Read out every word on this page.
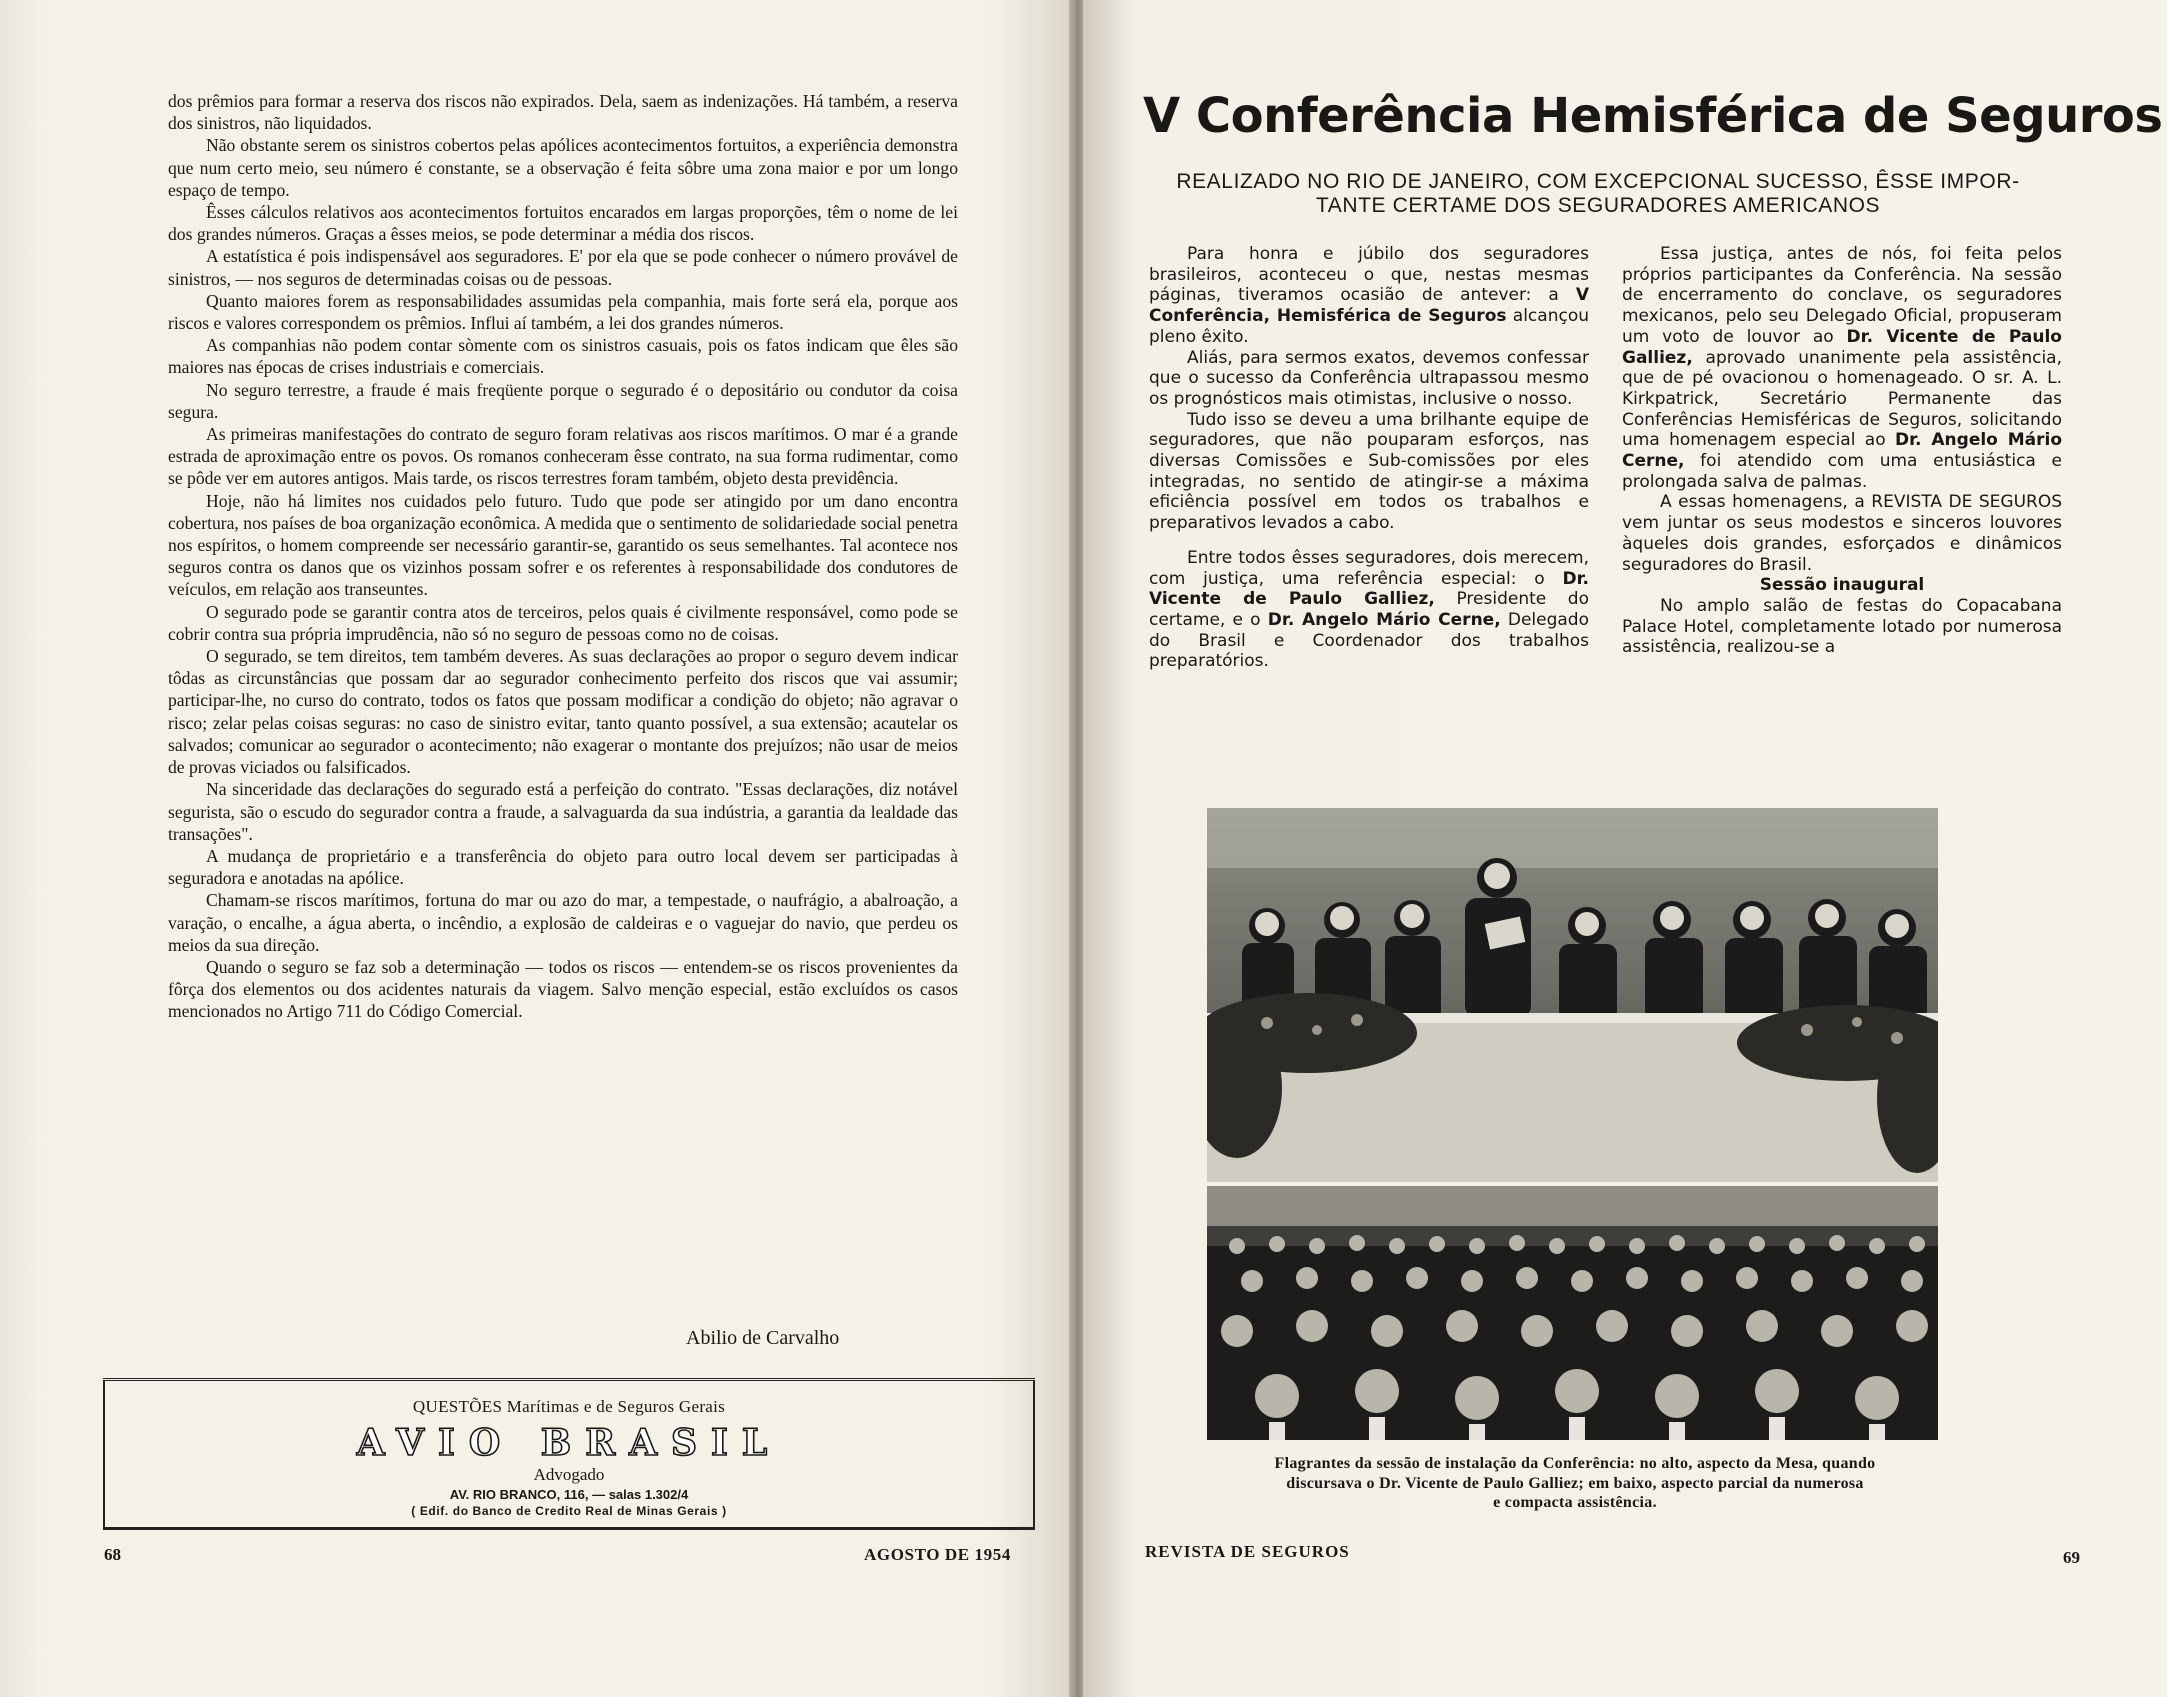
dos prêmios para formar a reserva dos riscos não expirados. Dela, saem as indenizações. Há também, a reserva dos sinistros, não liquidados.

Não obstante serem os sinistros cobertos pelas apólices acontecimentos fortuitos, a experiência demonstra que num certo meio, seu número é constante, se a observação é feita sôbre uma zona maior e por um longo espaço de tempo.

Êsses cálculos relativos aos acontecimentos fortuitos encarados em largas proporções, têm o nome de lei dos grandes números. Graças a êsses meios, se pode determinar a média dos riscos.

A estatística é pois indispensável aos seguradores. E' por ela que se pode conhecer o número provável de sinistros, — nos seguros de determinadas coisas ou de pessoas.

Quanto maiores forem as responsabilidades assumidas pela companhia, mais forte será ela, porque aos riscos e valores correspondem os prêmios. Influi aí também, a lei dos grandes números.

As companhias não podem contar sòmente com os sinistros casuais, pois os fatos indicam que êles são maiores nas épocas de crises industriais e comerciais.

No seguro terrestre, a fraude é mais freqüente porque o segurado é o depositário ou condutor da coisa segura.

As primeiras manifestações do contrato de seguro foram relativas aos riscos marítimos. O mar é a grande estrada de aproximação entre os povos. Os romanos conheceram êsse contrato, na sua forma rudimentar, como se pôde ver em autores antigos. Mais tarde, os riscos terrestres foram também, objeto desta previdência.

Hoje, não há limites nos cuidados pelo futuro. Tudo que pode ser atingido por um dano encontra cobertura, nos países de boa organização econômica. A medida que o sentimento de solidariedade social penetra nos espíritos, o homem compreende ser necessário garantir-se, garantido os seus semelhantes. Tal acontece nos seguros contra os danos que os vizinhos possam sofrer e os referentes à responsabilidade dos condutores de veículos, em relação aos transeuntes.

O segurado pode se garantir contra atos de terceiros, pelos quais é civilmente responsável, como pode se cobrir contra sua própria imprudência, não só no seguro de pessoas como no de coisas.

O segurado, se tem direitos, tem também deveres. As suas declarações ao propor o seguro devem indicar tôdas as circunstâncias que possam dar ao segurador conhecimento perfeito dos riscos que vai assumir; participar-lhe, no curso do contrato, todos os fatos que possam modificar a condição do objeto; não agravar o risco; zelar pelas coisas seguras: no caso de sinistro evitar, tanto quanto possível, a sua extensão; acautelar os salvados; comunicar ao segurador o acontecimento; não exagerar o montante dos prejuízos; não usar de meios de provas viciados ou falsificados.

Na sinceridade das declarações do segurado está a perfeição do contrato. "Essas declarações, diz notável seguristа, são o escudo do segurador contra a fraude, a salvaguarda da sua indústria, a garantia da lealdade das transações".

A mudança de proprietário e a transferência do objeto para outro local devem ser participadas à seguradora e anotadas na apólice.

Chamam-se riscos marítimos, fortuna do mar ou azo do mar, a tempestade, o naufrágio, a abalroação, a varação, o encalhe, a água aberta, o incêndio, a explosão de caldeiras e o vaguejar do navio, que perdeu os meios da sua direção.

Quando o seguro se faz sob a determinação — todos os riscos — entendem-se os riscos provenientes da fôrça dos elementos ou dos acidentes naturais da viagem. Salvo menção especial, estão excluídos os casos mencionados no Artigo 711 do Código Comercial.

Abilio de Carvalho
QUESTÕES Marítimas e de Seguros Gerais
AVIO BRASIL
Advogado
AV. RIO BRANCO, 116, — salas 1.302/4
( Edif. do Banco de Credito Real de Minas Gerais )
68	AGOSTO DE 1954
V Conferência Hemisférica de Seguros
REALIZADO NO RIO DE JANEIRO, COM EXCEPCIONAL SUCESSO, ÊSSE IMPOR-
TANTE CERTAME DOS SEGURADORES AMERICANOS

Para honra e júbilo dos seguradores brasileiros, aconteceu o que, nestas mesmas páginas, tiveramos ocasião de antever: a V Conferência, Hemisférica de Seguros alcançou pleno êxito.

Aliás, para sermos exatos, devemos confessar que o sucesso da Conferência ultrapassou mesmo os prognósticos mais otimistas, inclusive o nosso.

Tudo isso se deveu a uma brilhante equipe de seguradores, que não pouparam esforços, nas diversas Comissões e Sub-comissões por eles integradas, no sentido de atingir-se a máxima eficiência possível em todos os trabalhos e preparativos levados a cabo.

Entre todos êsses seguradores, dois merecem, com justiça, uma referência especial: o Dr. Vicente de Paulo Galliez, Presidente do certame, e o Dr. Angelo Mário Cerne, Delegado do Brasil e Coordenador dos trabalhos preparatórios.

Essa justiça, antes de nós, foi feita pelos próprios participantes da Conferência. Na sessão de encerramento do conclave, os seguradores mexicanos, pelo seu Delegado Oficial, propuseram um voto de louvor ao Dr. Vicente de Paulo Galliez, aprovado unanimente pela assistência, que de pé ovacionou o homenageado. O sr. A. L. Kirkpatrick, Secretário Permanente das Conferências Hemisféricas de Seguros, solicitando uma homenagem especial ao Dr. Angelo Mário Cerne, foi atendido com uma entusiástica e prolongada salva de palmas.

A essas homenagens, a REVISTA DE SEGUROS vem juntar os seus modestos e sinceros louvores àqueles dois grandes, esforçados e dinâmicos seguradores do Brasil.

Sessão inaugural

No amplo salão de festas do Copacabana Palace Hotel, completamente lotado por numerosa assistência, realizou-se a

Flagrantes da sessão de instalação da Conferência: no alto, aspecto da Mesa, quando
discursava o Dr. Vicente de Paulo Galliez; em baixo, aspecto parcial da numerosa
e compacta assistência.
REVISTA DE SEGUROS	69
